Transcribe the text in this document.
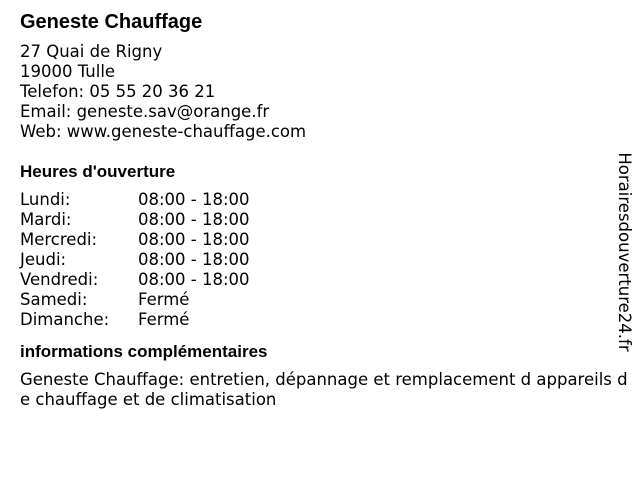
Geneste Chauffage
27 Quai de Rigny
19000 Tulle
Telefon: 05 55 20 36 21
Email: geneste.sav@orange.fr
Web: www.geneste-chauffage.com
Heures d'ouverture
Lundi:	08:00 - 18:00
Mardi:	08:00 - 18:00
Mercredi:	08:00 - 18:00
Jeudi:	08:00 - 18:00
Vendredi:	08:00 - 18:00
Samedi:	Fermé
Dimanche:	Fermé
informations complémentaires
Geneste Chauffage: entretien, dépannage et remplacement d appareils de chauffage et de climatisation
Horairesdouverture24.fr
